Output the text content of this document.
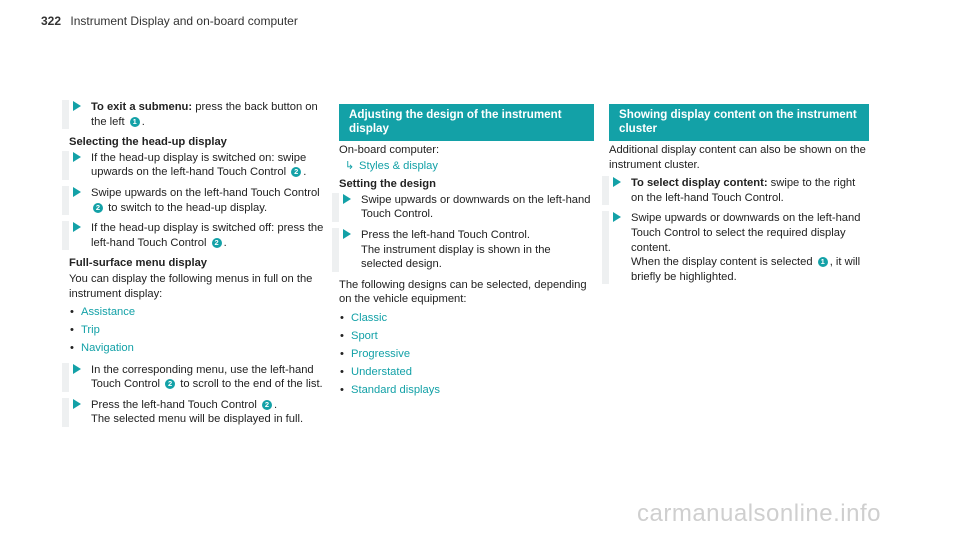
322 Instrument Display and on-board computer
To exit a submenu: press the back button on the left 1 .
Selecting the head-up display
If the head-up display is switched on: swipe upwards on the left-hand Touch Control 2 .
Swipe upwards on the left-hand Touch Control 2 to switch to the head-up display.
If the head-up display is switched off: press the left-hand Touch Control 2 .
Full-surface menu display
You can display the following menus in full on the instrument display:
• Assistance
• Trip
• Navigation
In the corresponding menu, use the left-hand Touch Control 2 to scroll to the end of the list.
Press the left-hand Touch Control 2 .
The selected menu will be displayed in full.
Adjusting the design of the instrument display
On-board computer:
↳ Styles & display
Setting the design
Swipe upwards or downwards on the left-hand Touch Control.
Press the left-hand Touch Control.
The instrument display is shown in the selected design.
The following designs can be selected, depending on the vehicle equipment:
• Classic
• Sport
• Progressive
• Understated
• Standard displays
Showing display content on the instrument cluster
Additional display content can also be shown on the instrument cluster.
To select display content: swipe to the right on the left-hand Touch Control.
Swipe upwards or downwards on the left-hand Touch Control to select the required display content.
When the display content is selected 1 , it will briefly be highlighted.
carmanualsonline.info
